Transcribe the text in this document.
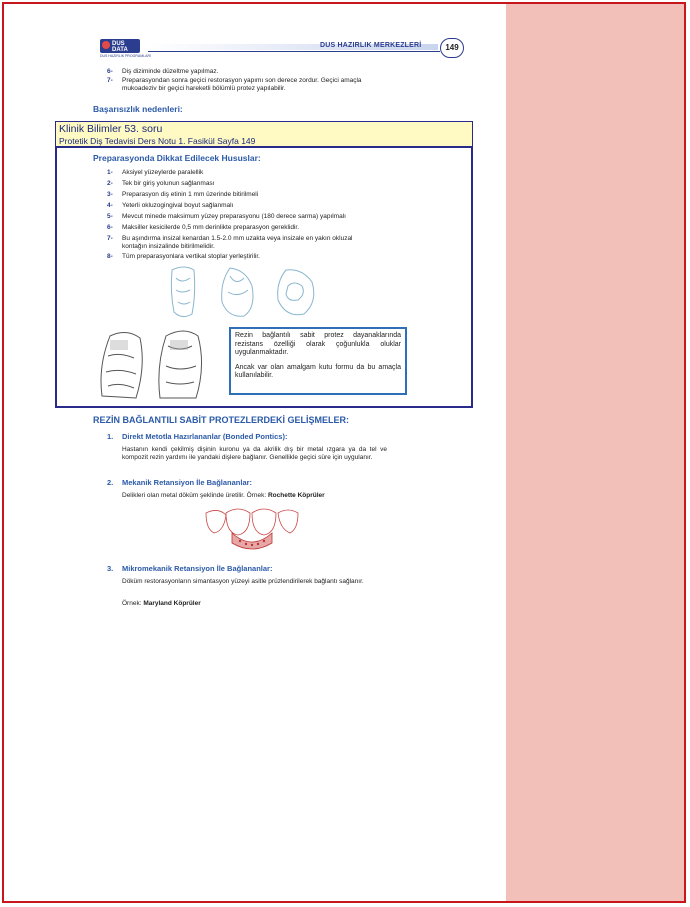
DUS DATA
DUS HAZIRLIK PROGRAMLARI
DUS HAZIRLIK MERKEZLERİ	149
6- Diş diziminde düzeltme yapılmaz.
7- Preparasyondan sonra geçici restorasyon yapımı son derece zordur. Geçici amaçla
mukoadeziv bir geçici hareketli bölümlü protez yapılabilir.
Başarısızlık nedenleri:
Klinik Bilimler 53. soru
Protetik Diş Tedavisi Ders Notu 1. Fasikül Sayfa 149
Preparasyonda Dikkat Edilecek Hususlar:
1- Aksiyel yüzeylerde paralellik
2- Tek bir giriş yolunun sağlanması
3- Preparasyon diş etinin 1 mm üzerinde bitirilmeli
4- Yeterli okluzogingival boyut sağlanmalı
5- Mevcut minede maksimum yüzey preparasyonu (180 derece sarma) yapılmalı
6- Maksiller kesicilerde 0,5 mm derinlikte preparasyon gereklidir.
7- Bu aşındırma insizal kenardan 1.5-2.0 mm uzakta veya insizale en yakın okluzal
kontağın insizalinde bitirilmelidir.
8- Tüm preparasyonlara vertikal stoplar yerleştirilir.
Rezin bağlantılı sabit protez dayanaklarında rezistans özelliği olarak çoğunlukla oluklar uygulanmaktadır.
Ancak var olan amalgam kutu formu da bu amaçla kullanılabilir.
REZİN BAĞLANTILI SABİT PROTEZLERDEKİ GELİŞMELER:
1. Direkt Metotla Hazırlananlar (Bonded Pontics):
Hastanın kendi çekilmiş dişinin kuronu ya da akrilik dış bir metal ızgara ya da tel ve kompozit rezin yardımı ile yandaki dişlere bağlanır. Genellikle geçici süre için uygulanır.
2. Mekanik Retansiyon İle Bağlananlar:
Delikleri olan metal döküm şeklinde üretilir. Örnek: Rochette Köprüler
3. Mikromekanik Retansiyon İle Bağlananlar:
Döküm restorasyonların simantasyon yüzeyi asitle prüzlendirilerek bağlantı sağlanır.
Örnek: Maryland Köprüler
